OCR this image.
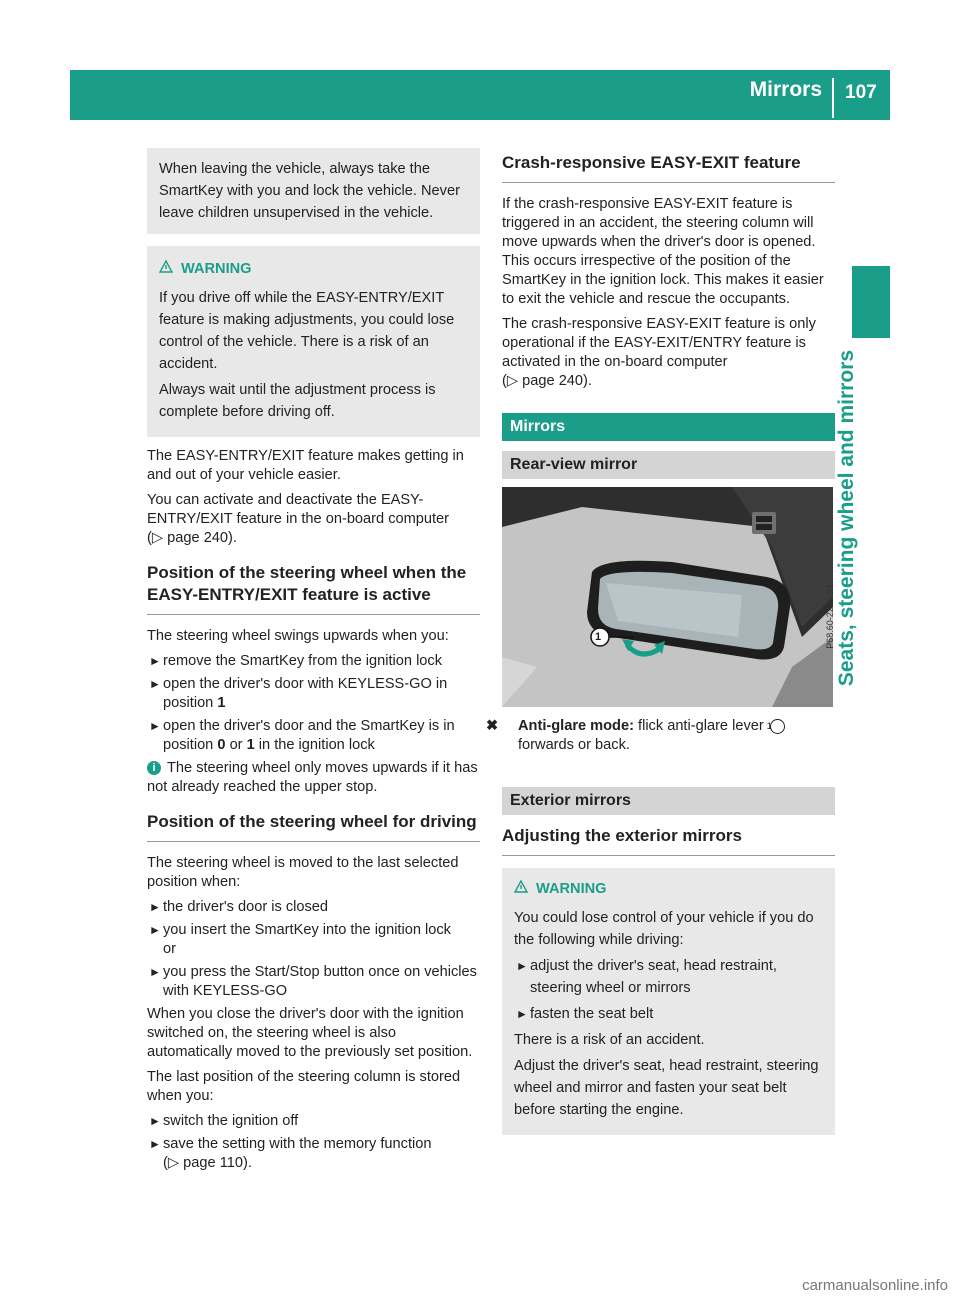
Mirrors 107
Seats, steering wheel and mirrors
When leaving the vehicle, always take the SmartKey with you and lock the vehicle. Never leave children unsupervised in the vehicle.
WARNING

If you drive off while the EASY-ENTRY/EXIT feature is making adjustments, you could lose control of the vehicle. There is a risk of an accident.

Always wait until the adjustment process is complete before driving off.

The EASY-ENTRY/EXIT feature makes getting in and out of your vehicle easier.

You can activate and deactivate the EASY-ENTRY/EXIT feature in the on-board computer
(▷ page 240).

Position of the steering wheel when the EASY-ENTRY/EXIT feature is active

The steering wheel swings upwards when you:

► remove the SmartKey from the ignition lock
► open the driver's door with KEYLESS-GO in position 1
► open the driver's door and the SmartKey is in position 0 or 1 in the ignition lock

i The steering wheel only moves upwards if it has not already reached the upper stop.

Position of the steering wheel for driving

The steering wheel is moved to the last selected position when:

► the driver's door is closed
► you insert the SmartKey into the ignition lock
or
► you press the Start/Stop button once on vehicles with KEYLESS-GO

When you close the driver's door with the ignition switched on, the steering wheel is also automatically moved to the previously set position.

The last position of the steering column is stored when you:

► switch the ignition off
► save the setting with the memory function
(▷ page 110).
Crash-responsive EASY-EXIT feature

If the crash-responsive EASY-EXIT feature is triggered in an accident, the steering column will move upwards when the driver's door is opened. This occurs irrespective of the position of the SmartKey in the ignition lock. This makes it easier to exit the vehicle and rescue the occupants.

The crash-responsive EASY-EXIT feature is only operational if the EASY-EXIT/ENTRY feature is activated in the on-board computer
(▷ page 240).

Mirrors
Rear-view mirror
1	P68.60-2245-31

✖ Anti-glare mode: flick anti-glare lever 1 forwards or back.

Exterior mirrors
Adjusting the exterior mirrors
WARNING

You could lose control of your vehicle if you do the following while driving:

► adjust the driver's seat, head restraint, steering wheel or mirrors
► fasten the seat belt

There is a risk of an accident.

Adjust the driver's seat, head restraint, steering wheel and mirror and fasten your seat belt before starting the engine.

carmanualsonline.info
